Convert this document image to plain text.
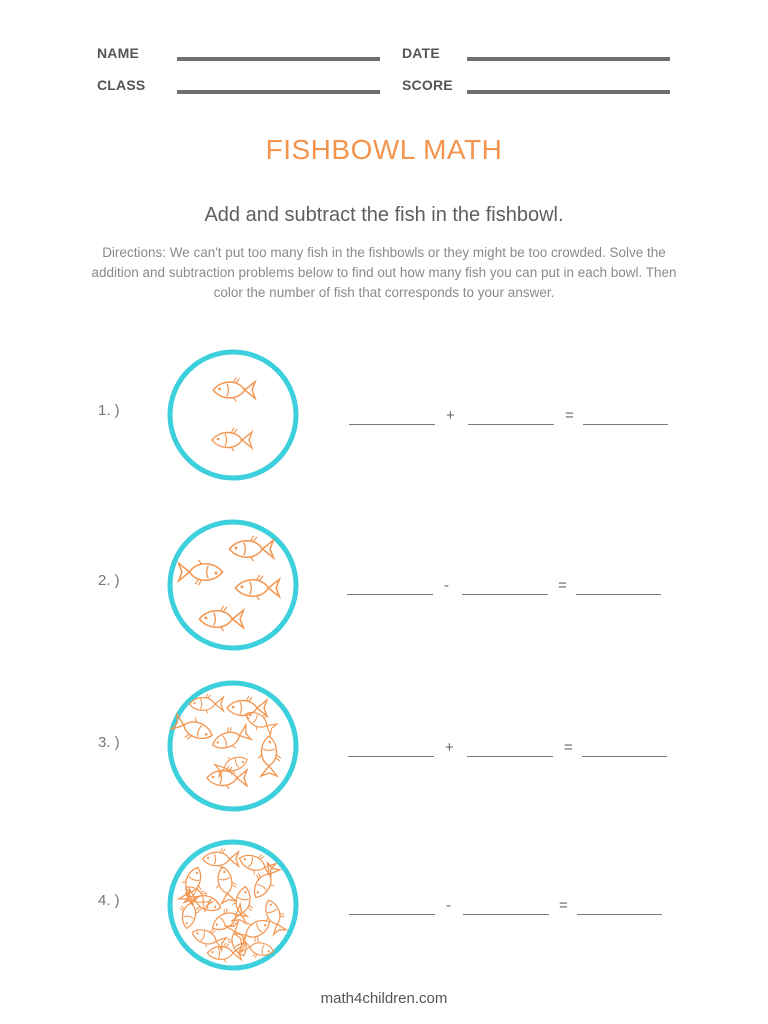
NAME	DATE
CLASS	SCORE
FISHBOWL MATH
Add and subtract the fish in the fishbowl.
Directions: We can't put too many fish in the fishbowls or they might be too crowded. Solve the addition and subtraction problems below to find out how many fish you can put in each bowl. Then color the number of fish that corresponds to your answer.
1. )	+	=
2. )	-	=
3. )	+	=
4. )	-	=
math4children.com
